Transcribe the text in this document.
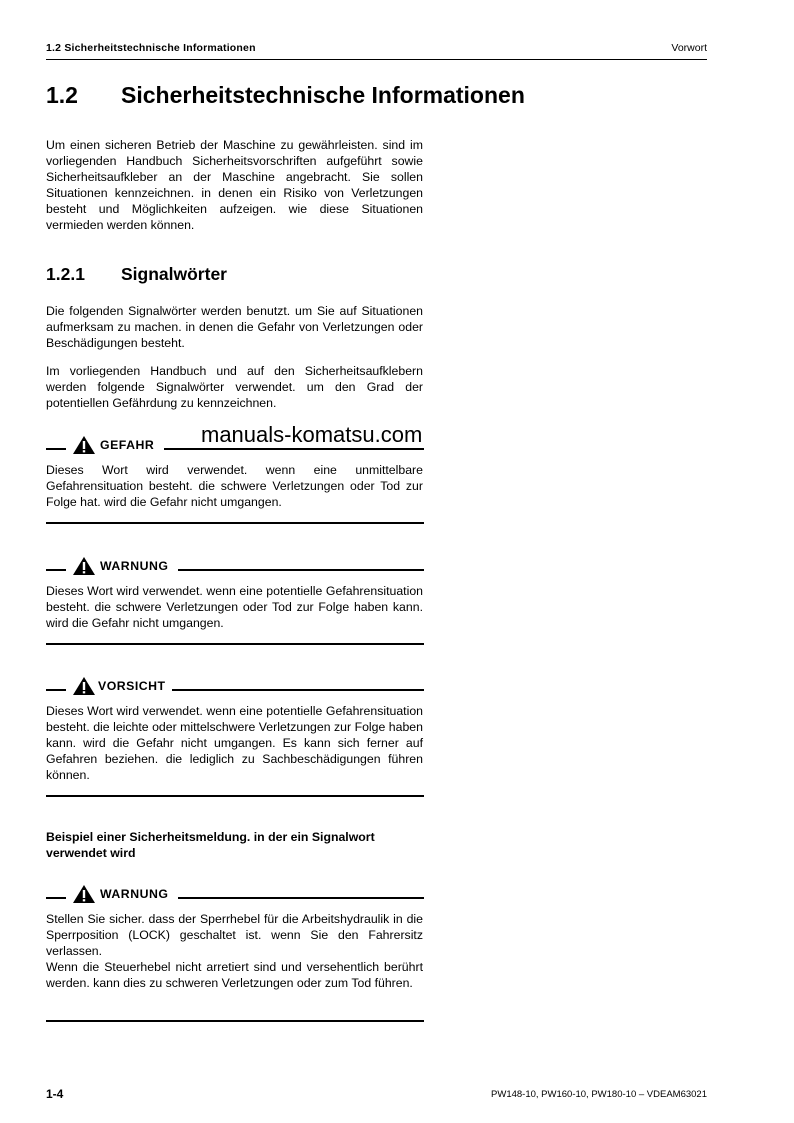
1.2 Sicherheitstechnische Informationen	Vorwort
1.2 Sicherheitstechnische Informationen

Um einen sicheren Betrieb der Maschine zu gewährleisten. sind im vorliegenden Handbuch Sicherheitsvorschriften aufgeführt sowie Sicherheitsaufkleber an der Maschine angebracht. Sie sollen Situationen kennzeichnen. in denen ein Risiko von Verletzungen besteht und Möglichkeiten aufzeigen. wie diese Situationen vermieden werden können.

1.2.1 Signalwörter

Die folgenden Signalwörter werden benutzt. um Sie auf Situationen aufmerksam zu machen. in denen die Gefahr von Verletzungen oder Beschädigungen besteht.

Im vorliegenden Handbuch und auf den Sicherheitsaufklebern werden folgende Signalwörter verwendet. um den Grad der potentiellen Gefährdung zu kennzeichnen.

manuals-komatsu.com
GEFAHR
Dieses Wort wird verwendet. wenn eine unmittelbare Gefahrensituation besteht. die schwere Verletzungen oder Tod zur Folge hat. wird die Gefahr nicht umgangen.
WARNUNG
Dieses Wort wird verwendet. wenn eine potentielle Gefahrensituation besteht. die schwere Verletzungen oder Tod zur Folge haben kann. wird die Gefahr nicht umgangen.
VORSICHT
Dieses Wort wird verwendet. wenn eine potentielle Gefahrensituation besteht. die leichte oder mittelschwere Verletzungen zur Folge haben kann. wird die Gefahr nicht umgangen. Es kann sich ferner auf Gefahren beziehen. die lediglich zu Sachbeschädigungen führen können.
Beispiel einer Sicherheitsmeldung. in der ein Signalwort verwendet wird
WARNUNG

Stellen Sie sicher. dass der Sperrhebel für die Arbeitshydraulik in die Sperrposition (LOCK) geschaltet ist. wenn Sie den Fahrersitz verlassen.

Wenn die Steuerhebel nicht arretiert sind und versehentlich berührt werden. kann dies zu schweren Verletzungen oder zum Tod führen.

1-4	PW148-10, PW160-10, PW180-10 – VDEAM63021
